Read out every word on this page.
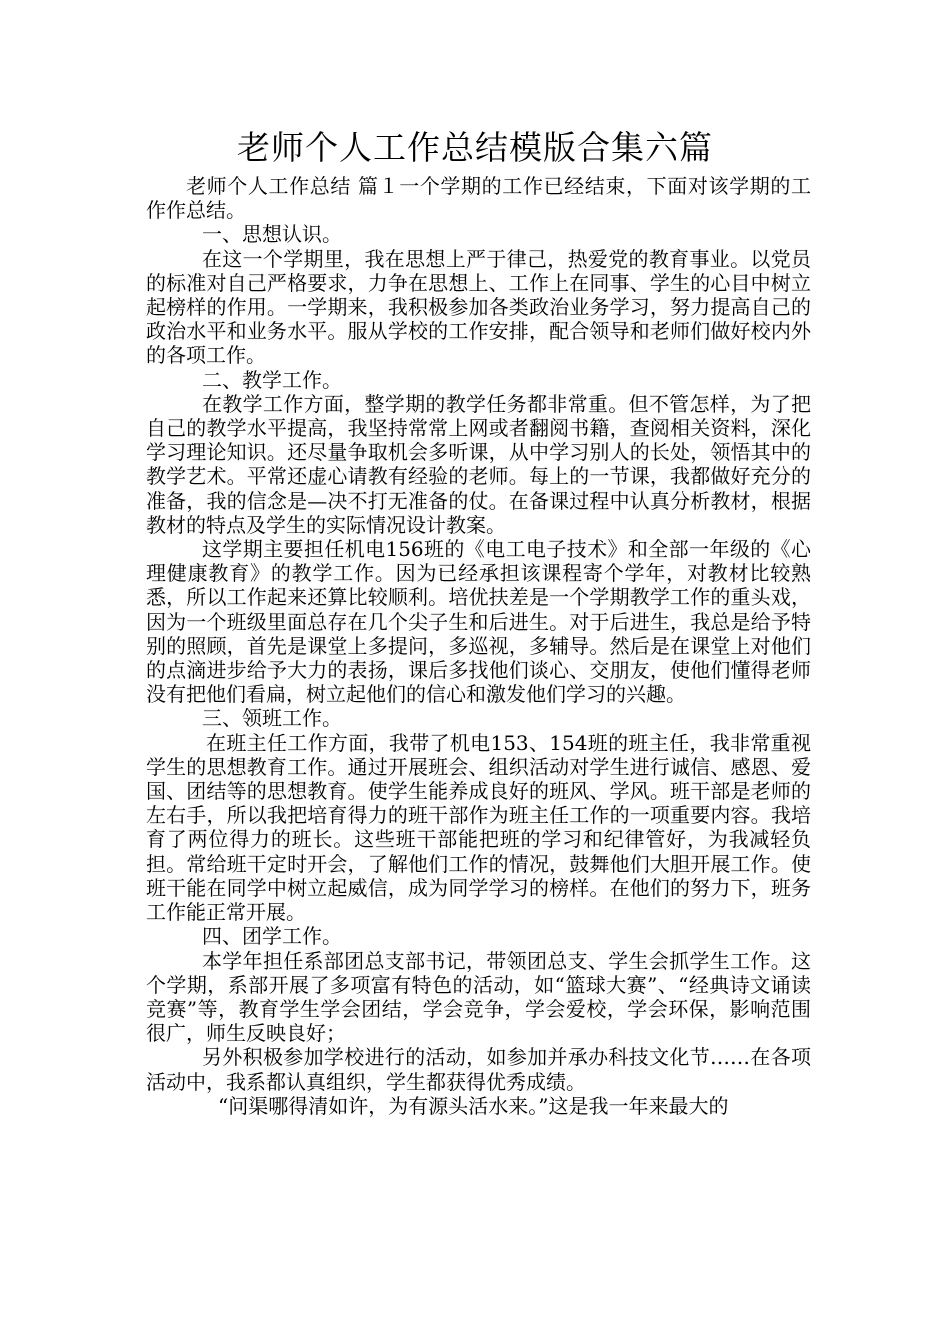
老师个人工作总结模版合集六篇

老师个人工作总结 篇１一个学期的工作已经结束，下面对该学期的工作作总结。

一、思想认识。

在这一个学期里，我在思想上严于律己，热爱党的教育事业。以党员的标准对自己严格要求，力争在思想上、工作上在同事、学生的心目中树立起榜样的作用。一学期来，我积极参加各类政治业务学习，努力提高自己的政治水平和业务水平。服从学校的工作安排，配合领导和老师们做好校内外的各项工作。

二、教学工作。

在教学工作方面，整学期的教学任务都非常重。但不管怎样，为了把自己的教学水平提高，我坚持常常上网或者翻阅书籍，查阅相关资料，深化学习理论知识。还尽量争取机会多听课，从中学习别人的长处，领悟其中的教学艺术。平常还虚心请教有经验的老师。每上的一节课，我都做好充分的准备，我的信念是—决不打无准备的仗。在备课过程中认真分析教材，根据教材的特点及学生的实际情况设计教案。

这学期主要担任机电156班的《电工电子技术》和全部一年级的《心理健康教育》的教学工作。因为已经承担该课程寄个学年，对教材比较熟悉，所以工作起来还算比较顺利。培优扶差是一个学期教学工作的重头戏，因为一个班级里面总存在几个尖子生和后进生。对于后进生，我总是给予特别的照顾，首先是课堂上多提问，多巡视，多辅导。然后是在课堂上对他们的点滴进步给予大力的表扬，课后多找他们谈心、交朋友，使他们懂得老师没有把他们看扁，树立起他们的信心和激发他们学习的兴趣。

三、领班工作。

在班主任工作方面，我带了机电153、154班的班主任，我非常重视学生的思想教育工作。通过开展班会、组织活动对学生进行诚信、感恩、爱国、团结等的思想教育。使学生能养成良好的班风、学风。班干部是老师的左右手，所以我把培育得力的班干部作为班主任工作的一项重要内容。我培育了两位得力的班长。这些班干部能把班的学习和纪律管好，为我减轻负担。常给班干定时开会，了解他们工作的情况，鼓舞他们大胆开展工作。使班干能在同学中树立起威信，成为同学学习的榜样。在他们的努力下，班务工作能正常开展。

四、团学工作。

本学年担任系部团总支部书记，带领团总支、学生会抓学生工作。这个学期，系部开展了多项富有特色的活动，如“篮球大赛”、“经典诗文诵读竞赛”等，教育学生学会团结，学会竞争，学会爱校，学会环保，影响范围很广，师生反映良好；

另外积极参加学校进行的活动，如参加并承办科技文化节……在各项活动中，我系都认真组织，学生都获得优秀成绩。

“问渠哪得清如许，为有源头活水来。”这是我一年来最大的
